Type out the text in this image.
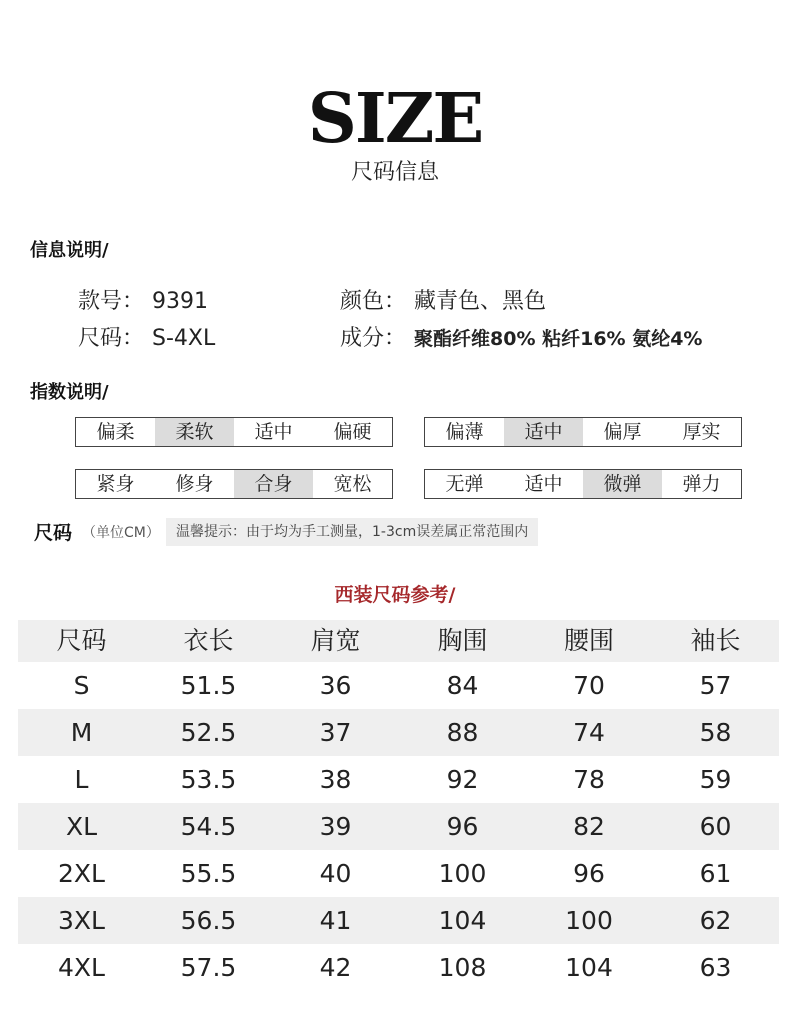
SIZE
尺码信息
信息说明/
款号： 9391
尺码： S-4XL
颜色： 藏青色、黑色
成分： 聚酯纤维80% 粘纤16% 氨纶4%
指数说明/
偏柔	柔软	适中	偏硬	偏薄	适中	偏厚	厚实
紧身	修身	合身	宽松	无弹	适中	微弹	弹力
尺码 （单位CM）	温馨提示：由于均为手工测量，1-3cm误差属正常范围内
西装尺码参考/
尺码	衣长	肩宽	胸围	腰围	袖长
S	51.5	36	84	70	57
M	52.5	37	88	74	58
L	53.5	38	92	78	59
XL	54.5	39	96	82	60
2XL	55.5	40	100	96	61
3XL	56.5	41	104	100	62
4XL	57.5	42	108	104	63
